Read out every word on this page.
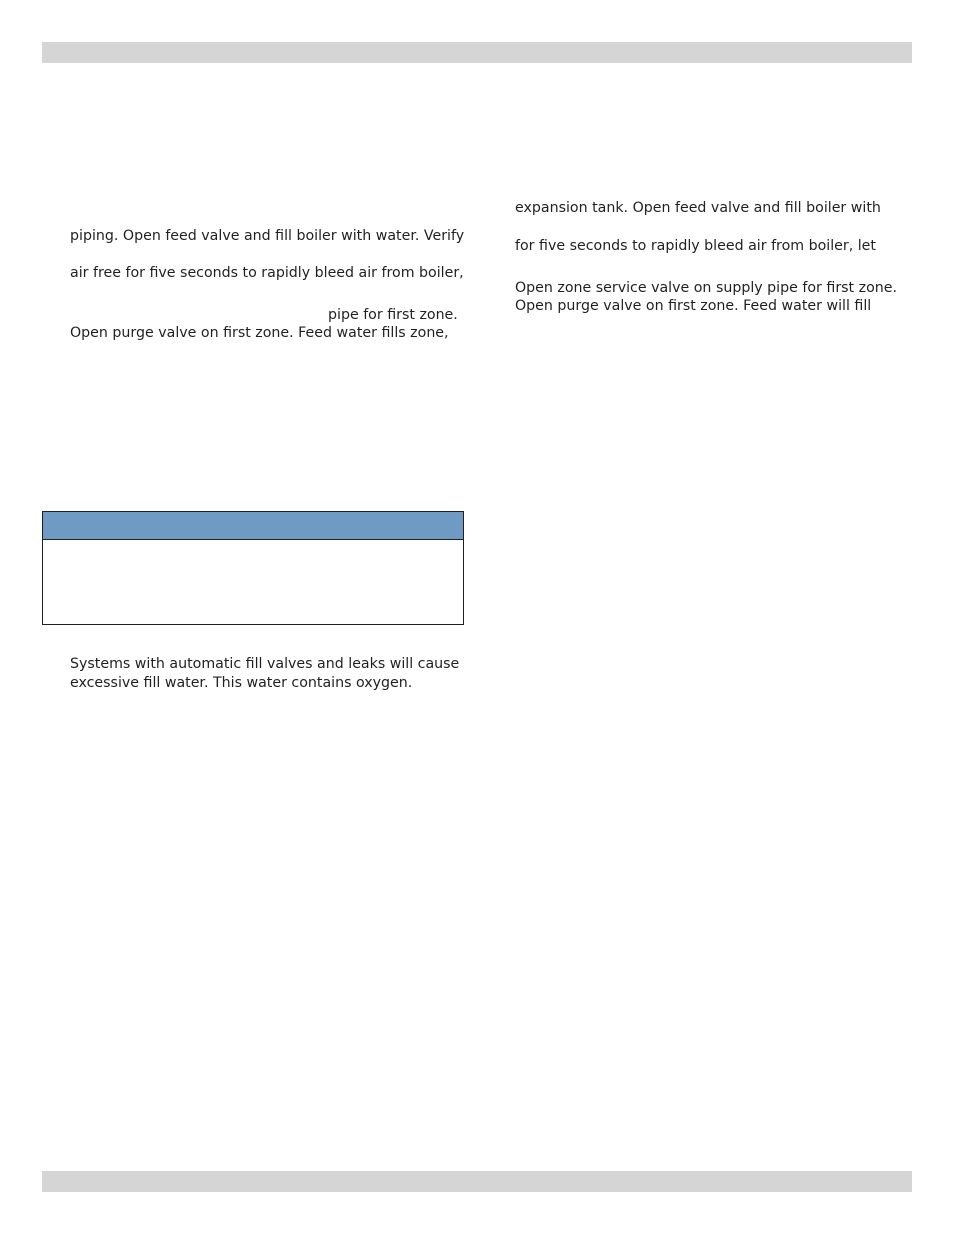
piping. Open feed valve and fill boiler with water. Verify
air free for five seconds to rapidly bleed air from boiler,
pipe for first zone.
Open purge valve on first zone. Feed water fills zone,
Systems with automatic fill valves and leaks will cause
excessive fill water. This water contains oxygen.
expansion tank. Open feed valve and fill boiler with
for five seconds to rapidly bleed air from boiler, let
Open zone service valve on supply pipe for first zone.
Open purge valve on first zone. Feed water will fill
